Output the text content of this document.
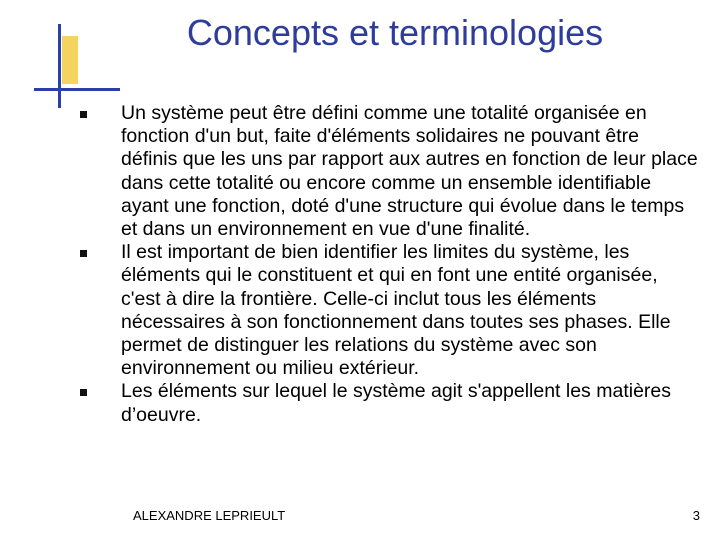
Concepts et terminologies
Un système peut être défini comme une totalité organisée en fonction d'un but, faite d'éléments solidaires ne pouvant être définis que les uns par rapport aux autres en fonction de leur place dans cette totalité ou encore comme un ensemble identifiable ayant une fonction, doté d'une structure qui évolue dans le temps et dans un environnement en vue d'une finalité.
Il est important de bien identifier les limites du système, les éléments qui le constituent et qui en font une entité organisée, c'est à dire la frontière. Celle-ci inclut tous les éléments nécessaires à son fonctionnement dans toutes ses phases. Elle permet de distinguer les relations du système avec son environnement ou milieu extérieur.
Les éléments sur lequel le système agit s'appellent les matières d’oeuvre.
ALEXANDRE LEPRIEULT	3
